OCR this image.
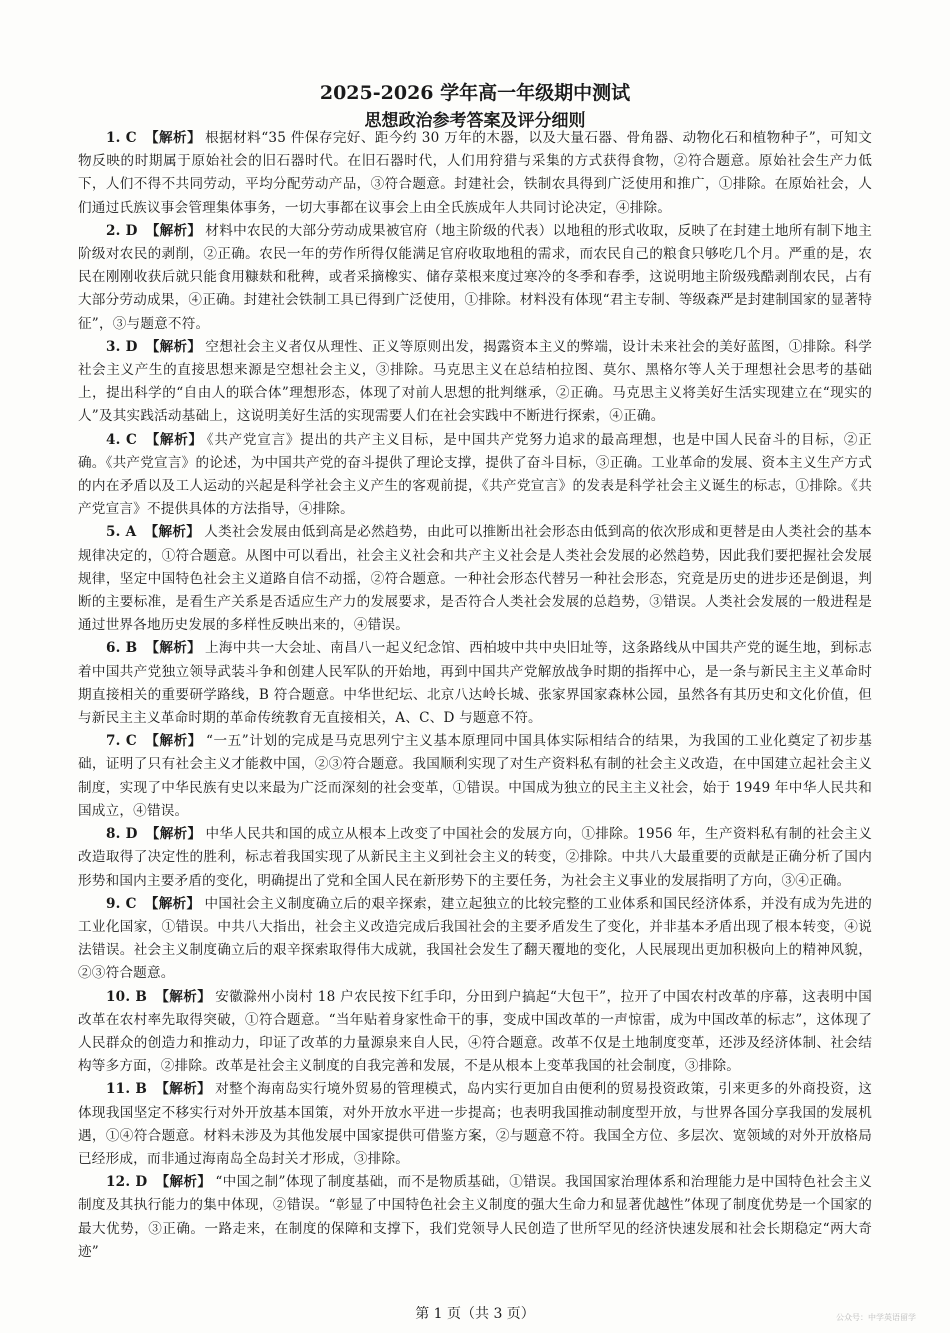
2025-2026 学年高一年级期中测试
思想政治参考答案及评分细则

1. C 【解析】 根据材料“35 件保存完好、距今约 30 万年的木器，以及大量石器、骨角器、动物化石和植物种子”，可知文物反映的时期属于原始社会的旧石器时代。在旧石器时代，人们用狩猎与采集的方式获得食物，②符合题意。原始社会生产力低下，人们不得不共同劳动，平均分配劳动产品，③符合题意。封建社会，铁制农具得到广泛使用和推广，①排除。在原始社会，人们通过氏族议事会管理集体事务，一切大事都在议事会上由全氏族成年人共同讨论决定，④排除。

2. D 【解析】 材料中农民的大部分劳动成果被官府（地主阶级的代表）以地租的形式收取，反映了在封建土地所有制下地主阶级对农民的剥削，②正确。农民一年的劳作所得仅能满足官府收取地租的需求，而农民自己的粮食只够吃几个月。严重的是，农民在刚刚收获后就只能食用糠麸和秕稗，或者采摘橡实、储存菜根来度过寒冷的冬季和春季，这说明地主阶级残酷剥削农民，占有大部分劳动成果，④正确。封建社会铁制工具已得到广泛使用，①排除。材料没有体现“君主专制、等级森严是封建制国家的显著特征”，③与题意不符。

3. D 【解析】 空想社会主义者仅从理性、正义等原则出发，揭露资本主义的弊端，设计未来社会的美好蓝图，①排除。科学社会主义产生的直接思想来源是空想社会主义，③排除。马克思主义在总结柏拉图、莫尔、黑格尔等人关于理想社会思考的基础上，提出科学的“自由人的联合体”理想形态，体现了对前人思想的批判继承，②正确。马克思主义将美好生活实现建立在“现实的人”及其实践活动基础上，这说明美好生活的实现需要人们在社会实践中不断进行探索，④正确。

4. C 【解析】 《共产党宣言》提出的共产主义目标，是中国共产党努力追求的最高理想，也是中国人民奋斗的目标，②正确。《共产党宣言》的论述，为中国共产党的奋斗提供了理论支撑，提供了奋斗目标，③正确。工业革命的发展、资本主义生产方式的内在矛盾以及工人运动的兴起是科学社会主义产生的客观前提，《共产党宣言》的发表是科学社会主义诞生的标志，①排除。《共产党宣言》不提供具体的方法指导，④排除。

5. A 【解析】 人类社会发展由低到高是必然趋势，由此可以推断出社会形态由低到高的依次形成和更替是由人类社会的基本规律决定的，①符合题意。从图中可以看出，社会主义社会和共产主义社会是人类社会发展的必然趋势，因此我们要把握社会发展规律，坚定中国特色社会主义道路自信不动摇，②符合题意。一种社会形态代替另一种社会形态，究竟是历史的进步还是倒退，判断的主要标准，是看生产关系是否适应生产力的发展要求，是否符合人类社会发展的总趋势，③错误。人类社会发展的一般进程是通过世界各地历史发展的多样性反映出来的，④错误。

6. B 【解析】 上海中共一大会址、南昌八一起义纪念馆、西柏坡中共中央旧址等，这条路线从中国共产党的诞生地，到标志着中国共产党独立领导武装斗争和创建人民军队的开始地，再到中国共产党解放战争时期的指挥中心，是一条与新民主主义革命时期直接相关的重要研学路线，B 符合题意。中华世纪坛、北京八达岭长城、张家界国家森林公园，虽然各有其历史和文化价值，但与新民主主义革命时期的革命传统教育无直接相关，A、C、D 与题意不符。

7. C 【解析】 “一五”计划的完成是马克思列宁主义基本原理同中国具体实际相结合的结果，为我国的工业化奠定了初步基础，证明了只有社会主义才能救中国，②③符合题意。我国顺利实现了对生产资料私有制的社会主义改造，在中国建立起社会主义制度，实现了中华民族有史以来最为广泛而深刻的社会变革，①错误。中国成为独立的民主主义社会，始于 1949 年中华人民共和国成立，④错误。

8. D 【解析】 中华人民共和国的成立从根本上改变了中国社会的发展方向，①排除。1956 年，生产资料私有制的社会主义改造取得了决定性的胜利，标志着我国实现了从新民主主义到社会主义的转变，②排除。中共八大最重要的贡献是正确分析了国内形势和国内主要矛盾的变化，明确提出了党和全国人民在新形势下的主要任务，为社会主义事业的发展指明了方向，③④正确。

9. C 【解析】 中国社会主义制度确立后的艰辛探索，建立起独立的比较完整的工业体系和国民经济体系，并没有成为先进的工业化国家，①错误。中共八大指出，社会主义改造完成后我国社会的主要矛盾发生了变化，并非基本矛盾出现了根本转变，④说法错误。社会主义制度确立后的艰辛探索取得伟大成就，我国社会发生了翻天覆地的变化，人民展现出更加积极向上的精神风貌，②③符合题意。

10. B 【解析】 安徽滁州小岗村 18 户农民按下红手印，分田到户搞起“大包干”，拉开了中国农村改革的序幕，这表明中国改革在农村率先取得突破，①符合题意。“当年贴着身家性命干的事，变成中国改革的一声惊雷，成为中国改革的标志”，这体现了人民群众的创造力和推动力，印证了改革的力量源泉来自人民，④符合题意。改革不仅是土地制度变革，还涉及经济体制、社会结构等多方面，②排除。改革是社会主义制度的自我完善和发展，不是从根本上变革我国的社会制度，③排除。

11. B 【解析】 对整个海南岛实行境外贸易的管理模式，岛内实行更加自由便利的贸易投资政策，引来更多的外商投资，这体现我国坚定不移实行对外开放基本国策，对外开放水平进一步提高；也表明我国推动制度型开放，与世界各国分享我国的发展机遇，①④符合题意。材料未涉及为其他发展中国家提供可借鉴方案，②与题意不符。我国全方位、多层次、宽领域的对外开放格局已经形成，而非通过海南岛全岛封关才形成，③排除。

12. D 【解析】 “中国之制”体现了制度基础，而不是物质基础，①错误。我国国家治理体系和治理能力是中国特色社会主义制度及其执行能力的集中体现，②错误。“彰显了中国特色社会主义制度的强大生命力和显著优越性”体现了制度优势是一个国家的最大优势，③正确。一路走来，在制度的保障和支撑下，我们党领导人民创造了世所罕见的经济快速发展和社会长期稳定“两大奇迹”

第 1 页（共 3 页）	公众号：中学英语留学
